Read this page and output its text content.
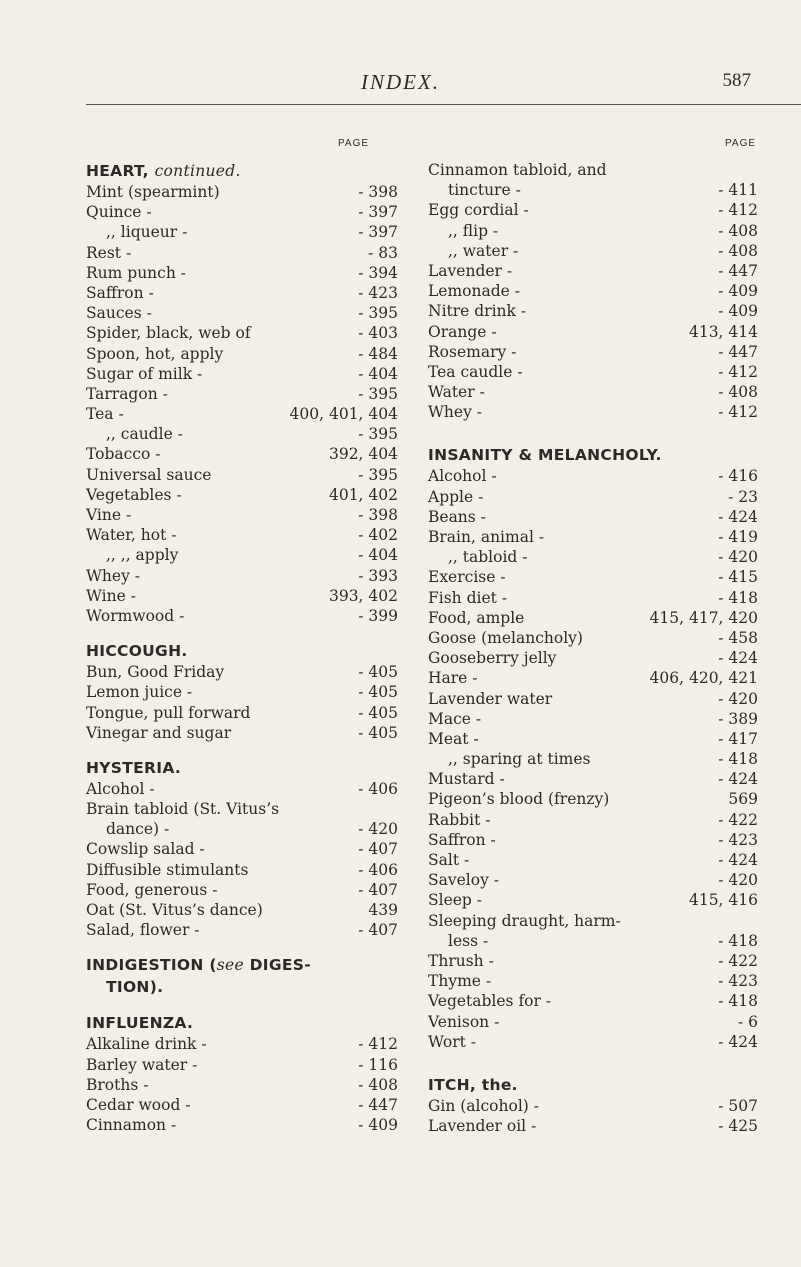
INDEX.	587
PAGE	PAGE
HEART, continued.
Mint (spearmint)	- 398
Quince -	- 397
,, liqueur -	- 397
Rest -	- 83
Rum punch -	- 394
Saffron -	- 423
Sauces -	- 395
Spider, black, web of	- 403
Spoon, hot, apply	- 484
Sugar of milk -	- 404
Tarragon -	- 395
Tea -	400, 401, 404
,, caudle -	- 395
Tobacco -	392, 404
Universal sauce	- 395
Vegetables -	401, 402
Vine -	- 398
Water, hot -	- 402
,, ,, apply	- 404
Whey -	- 393
Wine -	393, 402
Wormwood -	- 399
HICCOUGH.
Bun, Good Friday	- 405
Lemon juice -	- 405
Tongue, pull forward	- 405
Vinegar and sugar	- 405
HYSTERIA.
Alcohol -	- 406
Brain tabloid (St. Vitus’s
dance) -	- 420
Cowslip salad -	- 407
Diffusible stimulants	- 406
Food, generous -	- 407
Oat (St. Vitus’s dance)	439
Salad, flower -	- 407
INDIGESTION (see DIGES-
TION).
INFLUENZA.
Alkaline drink -	- 412
Barley water -	- 116
Broths -	- 408
Cedar wood -	- 447
Cinnamon -	- 409
Cinnamon tabloid, and
tincture -	- 411
Egg cordial -	- 412
,, flip -	- 408
,, water -	- 408
Lavender -	- 447
Lemonade -	- 409
Nitre drink -	- 409
Orange -	413, 414
Rosemary -	- 447
Tea caudle -	- 412
Water -	- 408
Whey -	- 412
INSANITY & MELANCHOLY.
Alcohol -	- 416
Apple -	- 23
Beans -	- 424
Brain, animal -	- 419
,, tabloid -	- 420
Exercise -	- 415
Fish diet -	- 418
Food, ample	415, 417, 420
Goose (melancholy)	- 458
Gooseberry jelly	- 424
Hare -	406, 420, 421
Lavender water	- 420
Mace -	- 389
Meat -	- 417
,, sparing at times	- 418
Mustard -	- 424
Pigeon’s blood (frenzy)	569
Rabbit -	- 422
Saffron -	- 423
Salt -	- 424
Saveloy -	- 420
Sleep -	415, 416
Sleeping draught, harm-
less -	- 418
Thrush -	- 422
Thyme -	- 423
Vegetables for -	- 418
Venison -	- 6
Wort -	- 424
ITCH, the.
Gin (alcohol) -	- 507
Lavender oil -	- 425
